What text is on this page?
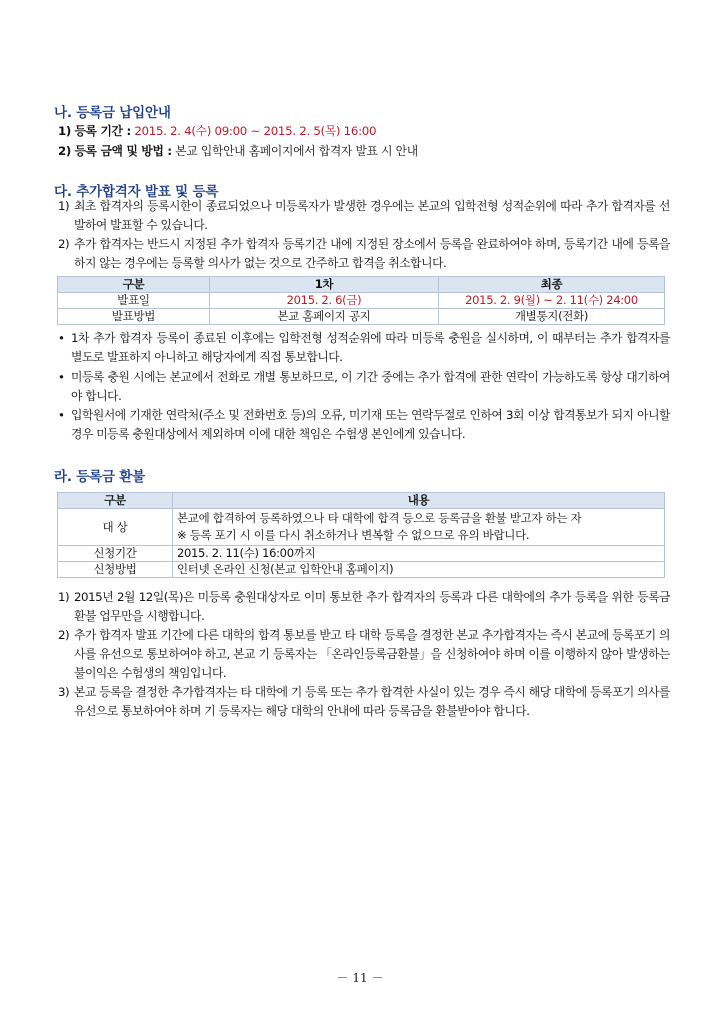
나. 등록금 납입안내
1) 등록 기간 : 2015. 2. 4(수) 09:00 ~ 2015. 2. 5(목) 16:00
2) 등록 금액 및 방법 : 본교 입학안내 홈페이지에서 합격자 발표 시 안내
다. 추가합격자 발표 및 등록
1) 최초 합격자의 등록시한이 종료되었으나 미등록자가 발생한 경우에는 본교의 입학전형 성적순위에 따라 추가 합격자를 선발하여 발표할 수 있습니다.
2) 추가 합격자는 반드시 지정된 추가 합격자 등록기간 내에 지정된 장소에서 등록을 완료하여야 하며, 등록기간 내에 등록을 하지 않는 경우에는 등록할 의사가 없는 것으로 간주하고 합격을 취소합니다.
구분	1차	최종
발표일	2015. 2. 6(금)	2015. 2. 9(월) ~ 2. 11(수) 24:00
발표방법	본교 홈페이지 공지	개별통지(전화)
• 1차 추가 합격자 등록이 종료된 이후에는 입학전형 성적순위에 따라 미등록 충원을 실시하며, 이 때부터는 추가 합격자를 별도로 발표하지 아니하고 해당자에게 직접 통보합니다.
• 미등록 충원 시에는 본교에서 전화로 개별 통보하므로, 이 기간 중에는 추가 합격에 관한 연락이 가능하도록 항상 대기하여야 합니다.
• 입학원서에 기재한 연락처(주소 및 전화번호 등)의 오류, 미기재 또는 연락두절로 인하여 3회 이상 합격통보가 되지 아니할 경우 미등록 충원대상에서 제외하며 이에 대한 책임은 수험생 본인에게 있습니다.
라. 등록금 환불
구분	내용
대 상	본교에 합격하여 등록하였으나 타 대학에 합격 등으로 등록금을 환불 받고자 하는 자
※ 등록 포기 시 이를 다시 취소하거나 변복할 수 없으므로 유의 바랍니다.

신청기간	2015. 2. 11(수) 16:00까지
신청방법	인터넷 온라인 신청(본교 입학안내 홈페이지)
1) 2015년 2월 12일(목)은 미등록 충원대상자로 이미 통보한 추가 합격자의 등록과 다른 대학에의 추가 등록을 위한 등록금 환불 업무만을 시행합니다.
2) 추가 합격자 발표 기간에 다른 대학의 합격 통보를 받고 타 대학 등록을 결정한 본교 추가합격자는 즉시 본교에 등록포기 의사를 유선으로 통보하여야 하고, 본교 기 등록자는 「온라인등록금환불」을 신청하여야 하며 이를 이행하지 않아 발생하는 불이익은 수험생의 책임입니다.
3) 본교 등록을 결정한 추가합격자는 타 대학에 기 등록 또는 추가 합격한 사실이 있는 경우 즉시 해당 대학에 등록포기 의사를 유선으로 통보하여야 하며 기 등록자는 해당 대학의 안내에 따라 등록금을 환불받아야 합니다.
－ 11 －
